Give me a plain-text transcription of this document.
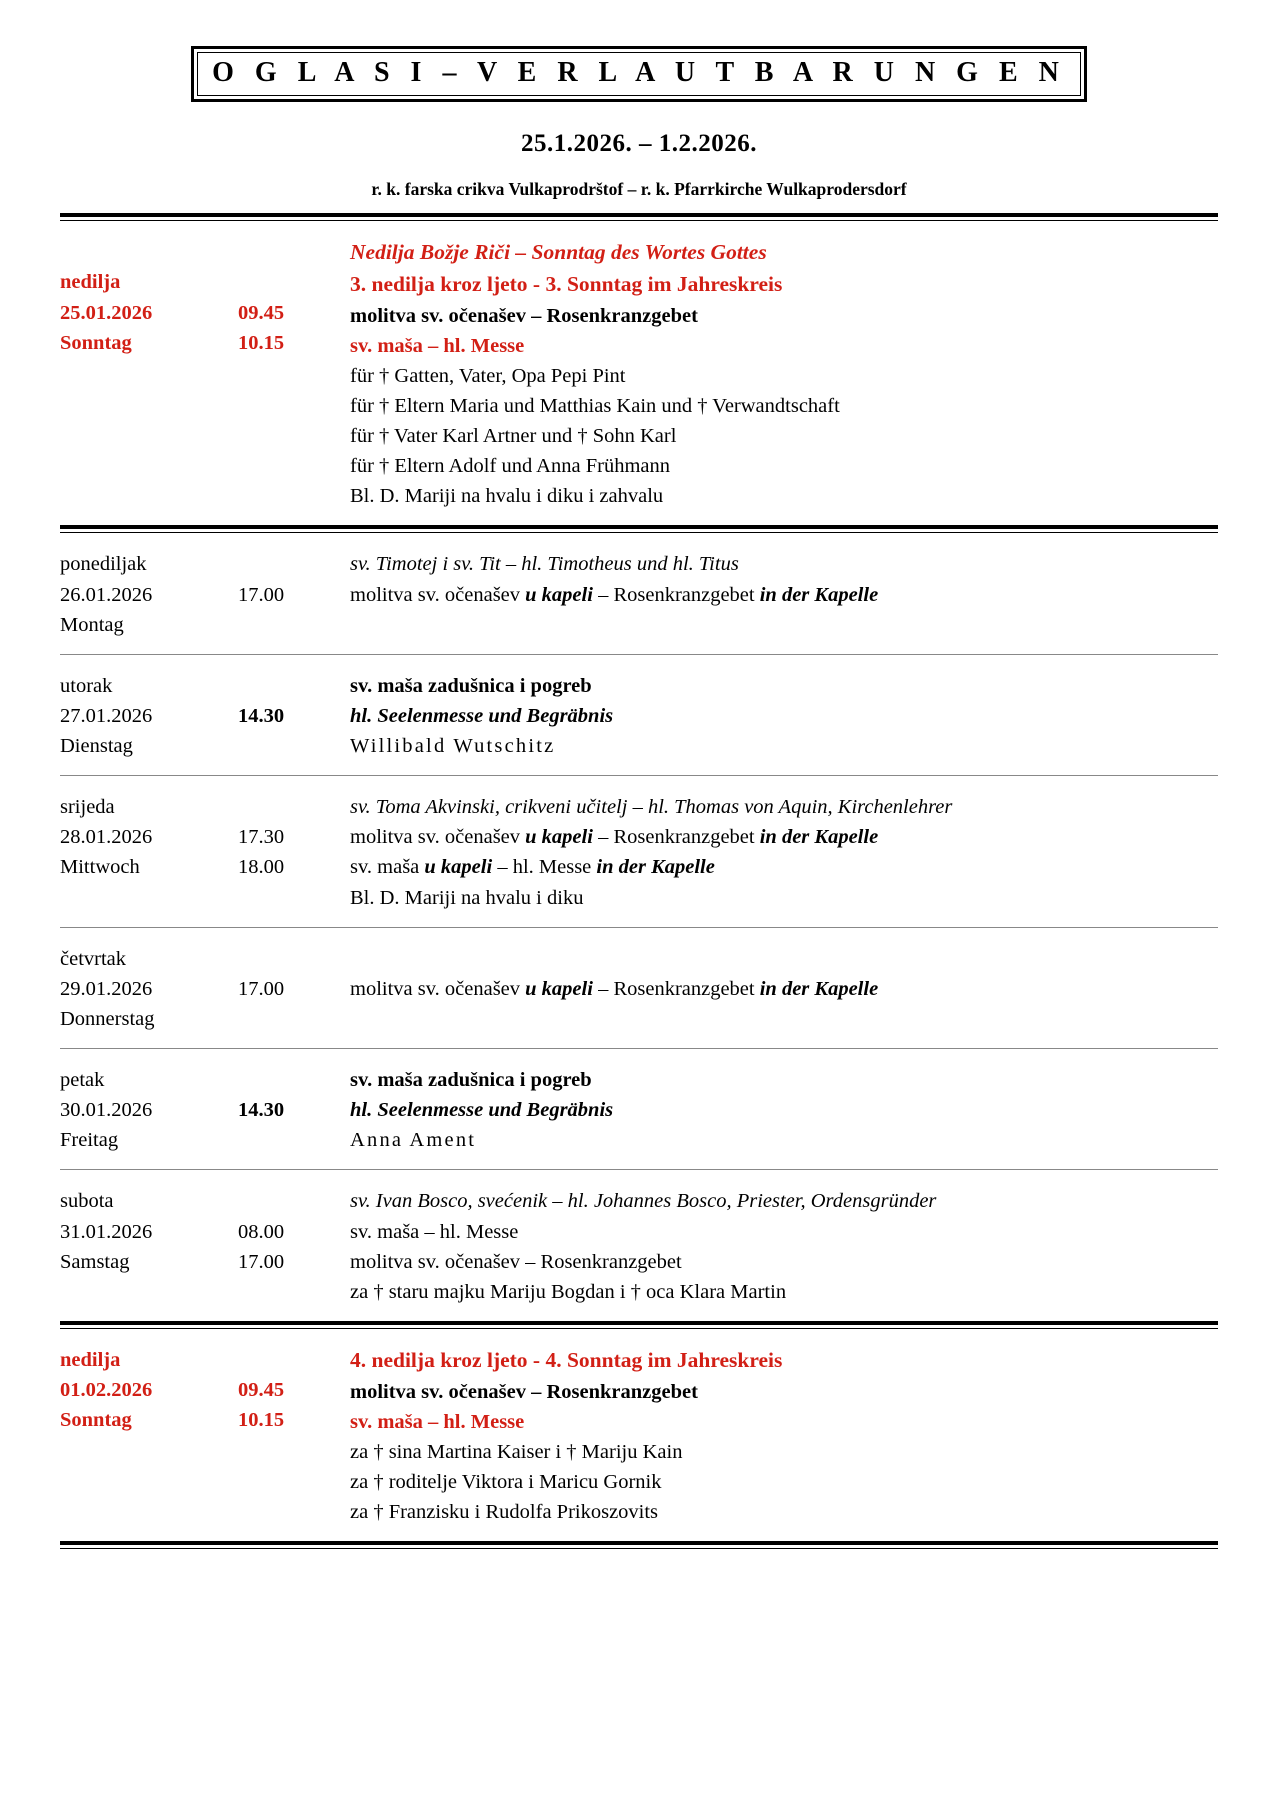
O G L A S I – V E R L A U T B A R U N G E N
25.1.2026. – 1.2.2026.
r. k. farska crikva Vulkaprodrštof – r. k. Pfarrkirche Wulkaprodersdorf
nedilja
25.01.2026
Sonntag

09.45
10.15
Nedilja Božje Riči – Sonntag des Wortes Gottes
3. nedilja kroz ljeto - 3. Sonntag im Jahreskreis
molitva sv. očenašev – Rosenkranzgebet
sv. maša – hl. Messe
für † Gatten, Vater, Opa Pepi Pint
für † Eltern Maria und Matthias Kain und † Verwandtschaft
für † Vater Karl Artner und † Sohn Karl
für † Eltern Adolf und Anna Frühmann
Bl. D. Mariji na hvalu i diku i zahvalu
ponediljak
26.01.2026
Montag

17.00
sv. Timotej i sv. Tit – hl. Timotheus und hl. Titus
molitva sv. očenašev u kapeli – Rosenkranzgebet in der Kapelle

utorak
27.01.2026
Dienstag

14.30
sv. maša zadušnica i pogreb
hl. Seelenmesse und Begräbnis
Willibald Wutschitz
srijeda
28.01.2026
Mittwoch

17.30
18.00
sv. Toma Akvinski, crikveni učitelj – hl. Thomas von Aquin, Kirchenlehrer
molitva sv. očenašev u kapeli – Rosenkranzgebet in der Kapelle
sv. maša u kapeli – hl. Messe in der Kapelle
Bl. D. Mariji na hvalu i diku
četvrtak
29.01.2026
Donnerstag

17.00
	molitva sv. očenašev u kapeli – Rosenkranzgebet in der Kapelle

petak
30.01.2026
Freitag

14.30
sv. maša zadušnica i pogreb
hl. Seelenmesse und Begräbnis
Anna Ament
subota
31.01.2026
Samstag

08.00
17.00
sv. Ivan Bosco, svećenik – hl. Johannes Bosco, Priester, Ordensgründer
sv. maša – hl. Messe
molitva sv. očenašev – Rosenkranzgebet
za † staru majku Mariju Bogdan i † oca Klara Martin
nedilja
01.02.2026
Sonntag

09.45
10.15
4. nedilja kroz ljeto - 4. Sonntag im Jahreskreis
molitva sv. očenašev – Rosenkranzgebet
sv. maša – hl. Messe
za † sina Martina Kaiser i † Mariju Kain
za † roditelje Viktora i Maricu Gornik
za † Franzisku i Rudolfa Prikoszovits
